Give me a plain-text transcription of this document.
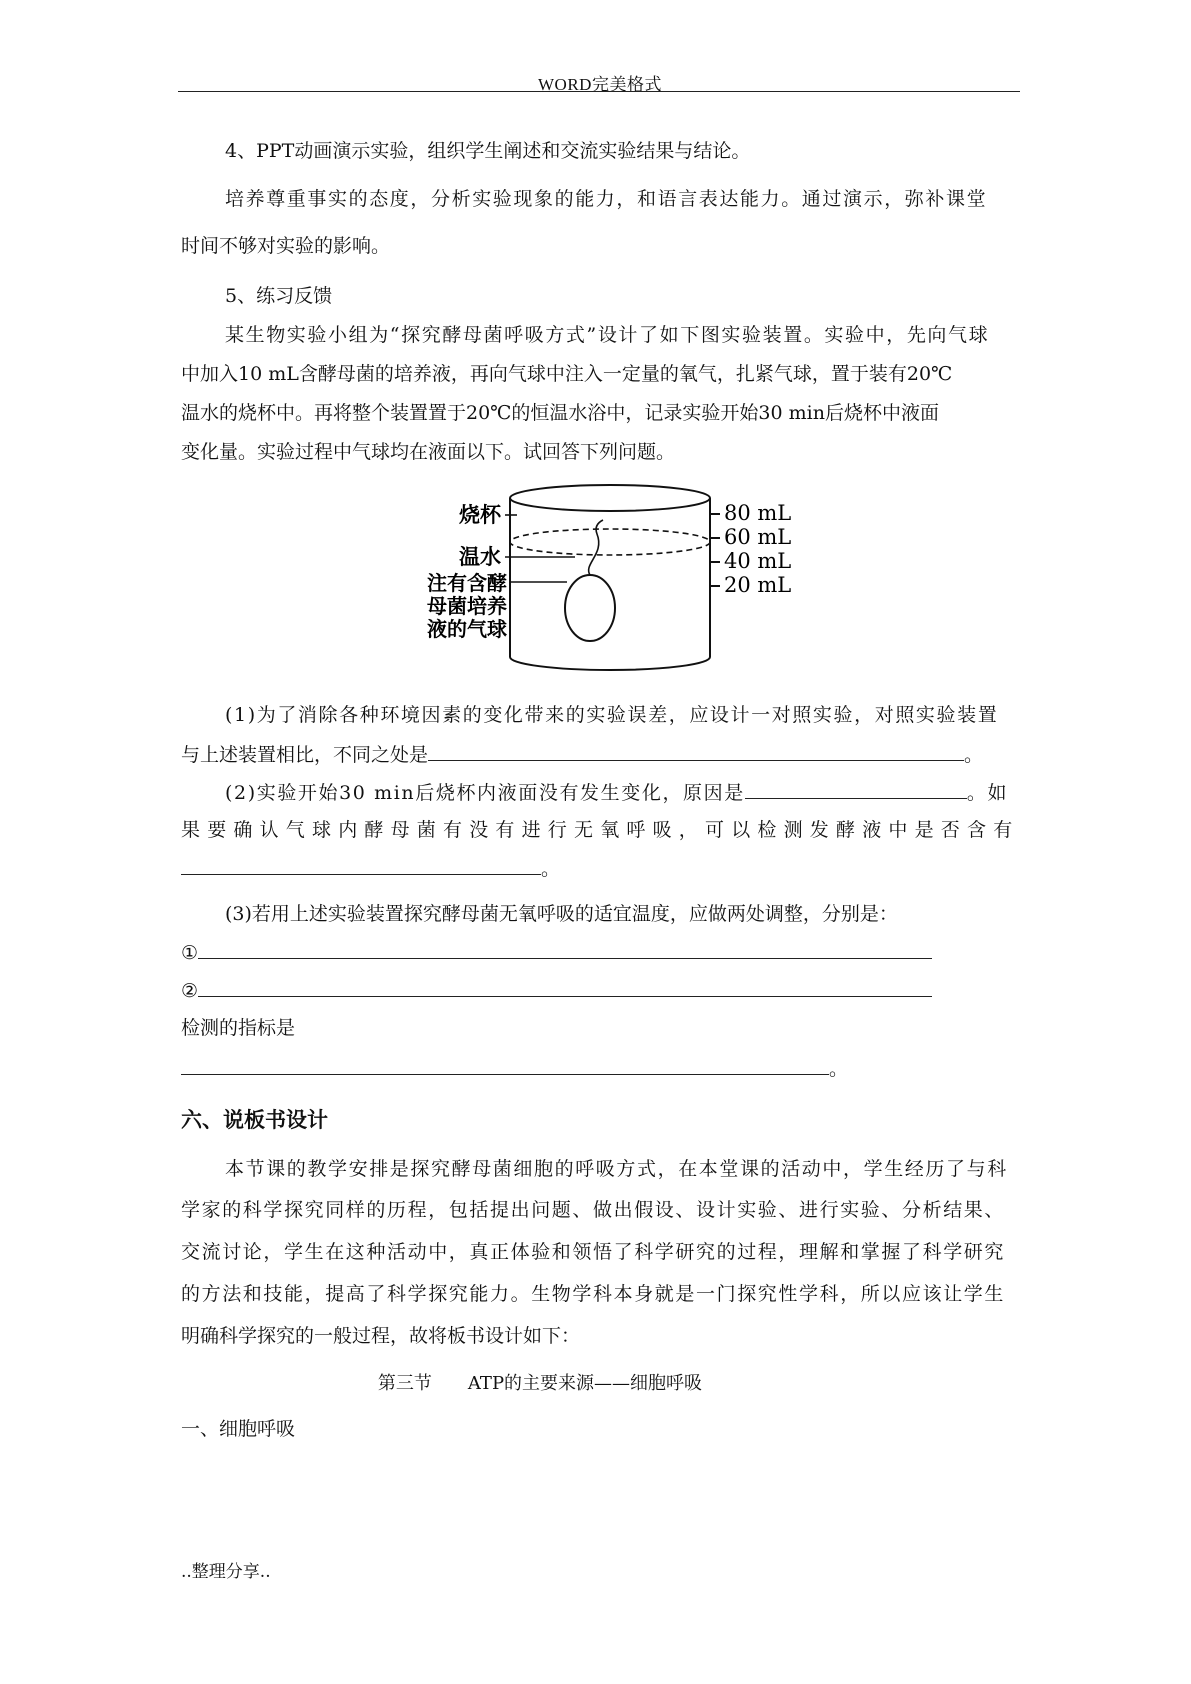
WORD完美格式
4、PPT动画演示实验，组织学生阐述和交流实验结果与结论。
培养尊重事实的态度，分析实验现象的能力，和语言表达能力。通过演示，弥补课堂
时间不够对实验的影响。
5、练习反馈
某生物实验小组为“探究酵母菌呼吸方式”设计了如下图实验装置。实验中，先向气球
中加入10 mL含酵母菌的培养液，再向气球中注入一定量的氧气，扎紧气球，置于装有20℃
温水的烧杯中。再将整个装置置于20℃的恒温水浴中，记录实验开始30 min后烧杯中液面
变化量。实验过程中气球均在液面以下。试回答下列问题。
80 mL
60 mL
40 mL
20 mL
烧杯
温水
注有含酵
母菌培养
液的气球
(1)为了消除各种环境因素的变化带来的实验误差，应设计一对照实验，对照实验装置
与上述装置相比，不同之处是	。
(2)实验开始30 min后烧杯内液面没有发生变化，原因是	。如
果要确认气球内酵母菌有没有进行无氧呼吸，可以检测发酵液中是否含有
。
(3)若用上述实验装置探究酵母菌无氧呼吸的适宜温度，应做两处调整，分别是：
①
②
检测的指标是
。
六、说板书设计
本节课的教学安排是探究酵母菌细胞的呼吸方式，在本堂课的活动中，学生经历了与科
学家的科学探究同样的历程，包括提出问题、做出假设、设计实验、进行实验、分析结果、
交流讨论，学生在这种活动中，真正体验和领悟了科学研究的过程，理解和掌握了科学研究
的方法和技能，提高了科学探究能力。生物学科本身就是一门探究性学科，所以应该让学生
明确科学探究的一般过程，故将板书设计如下：
第三节　　ATP的主要来源——细胞呼吸
一、细胞呼吸
..整理分享..
